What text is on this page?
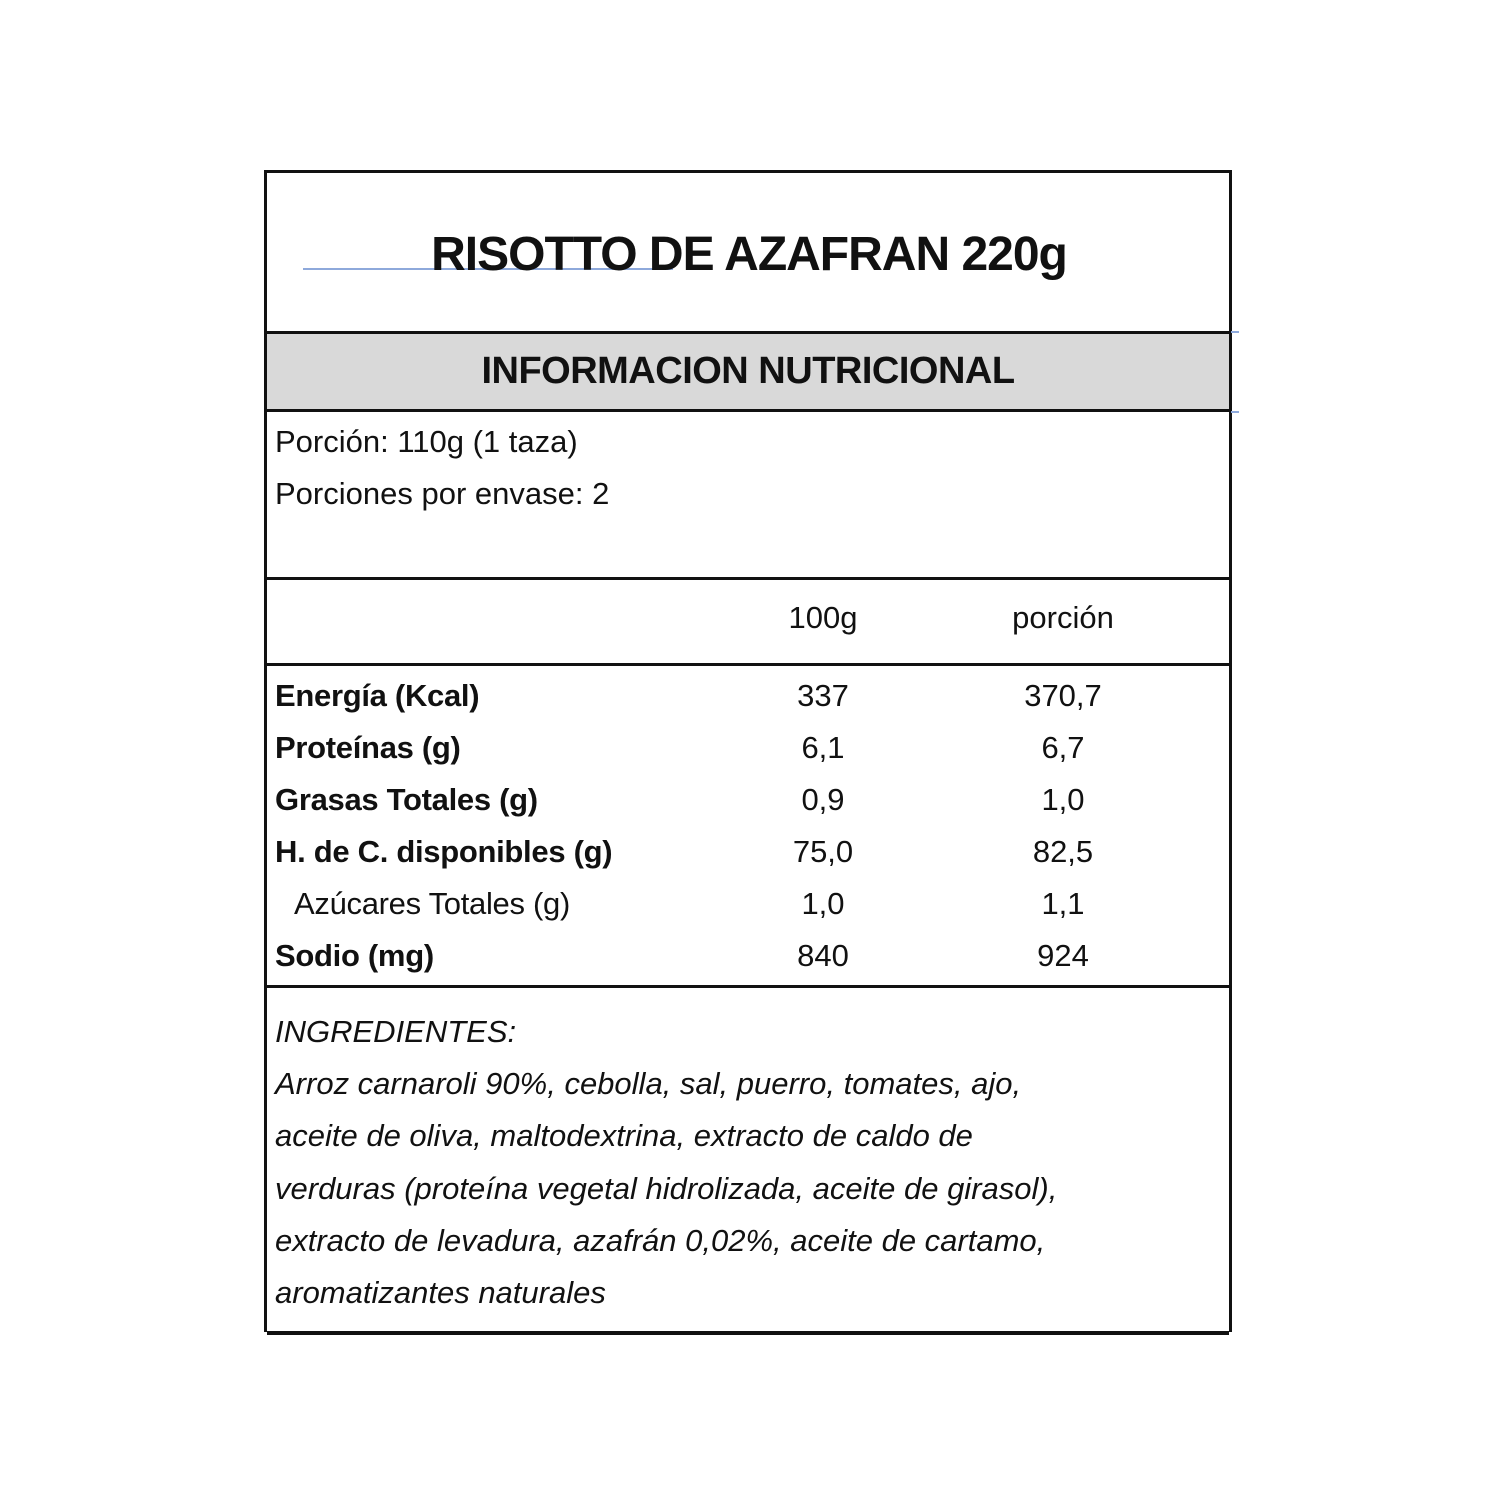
RISOTTO DE AZAFRAN 220g
INFORMACION NUTRICIONAL
Porción: 110g (1 taza)
Porciones por envase: 2
100g	porción
Energía (Kcal)	337	370,7
Proteínas (g)	6,1	6,7
Grasas Totales (g)	0,9	1,0
H. de C. disponibles (g)	75,0	82,5
Azúcares Totales (g)	1,0	1,1
Sodio (mg)	840	924
INGREDIENTES:
Arroz carnaroli 90%, cebolla, sal, puerro, tomates, ajo,
aceite de oliva, maltodextrina, extracto de caldo de
verduras (proteína vegetal hidrolizada, aceite de girasol),
extracto de levadura, azafrán 0,02%, aceite de cartamo,
aromatizantes naturales
